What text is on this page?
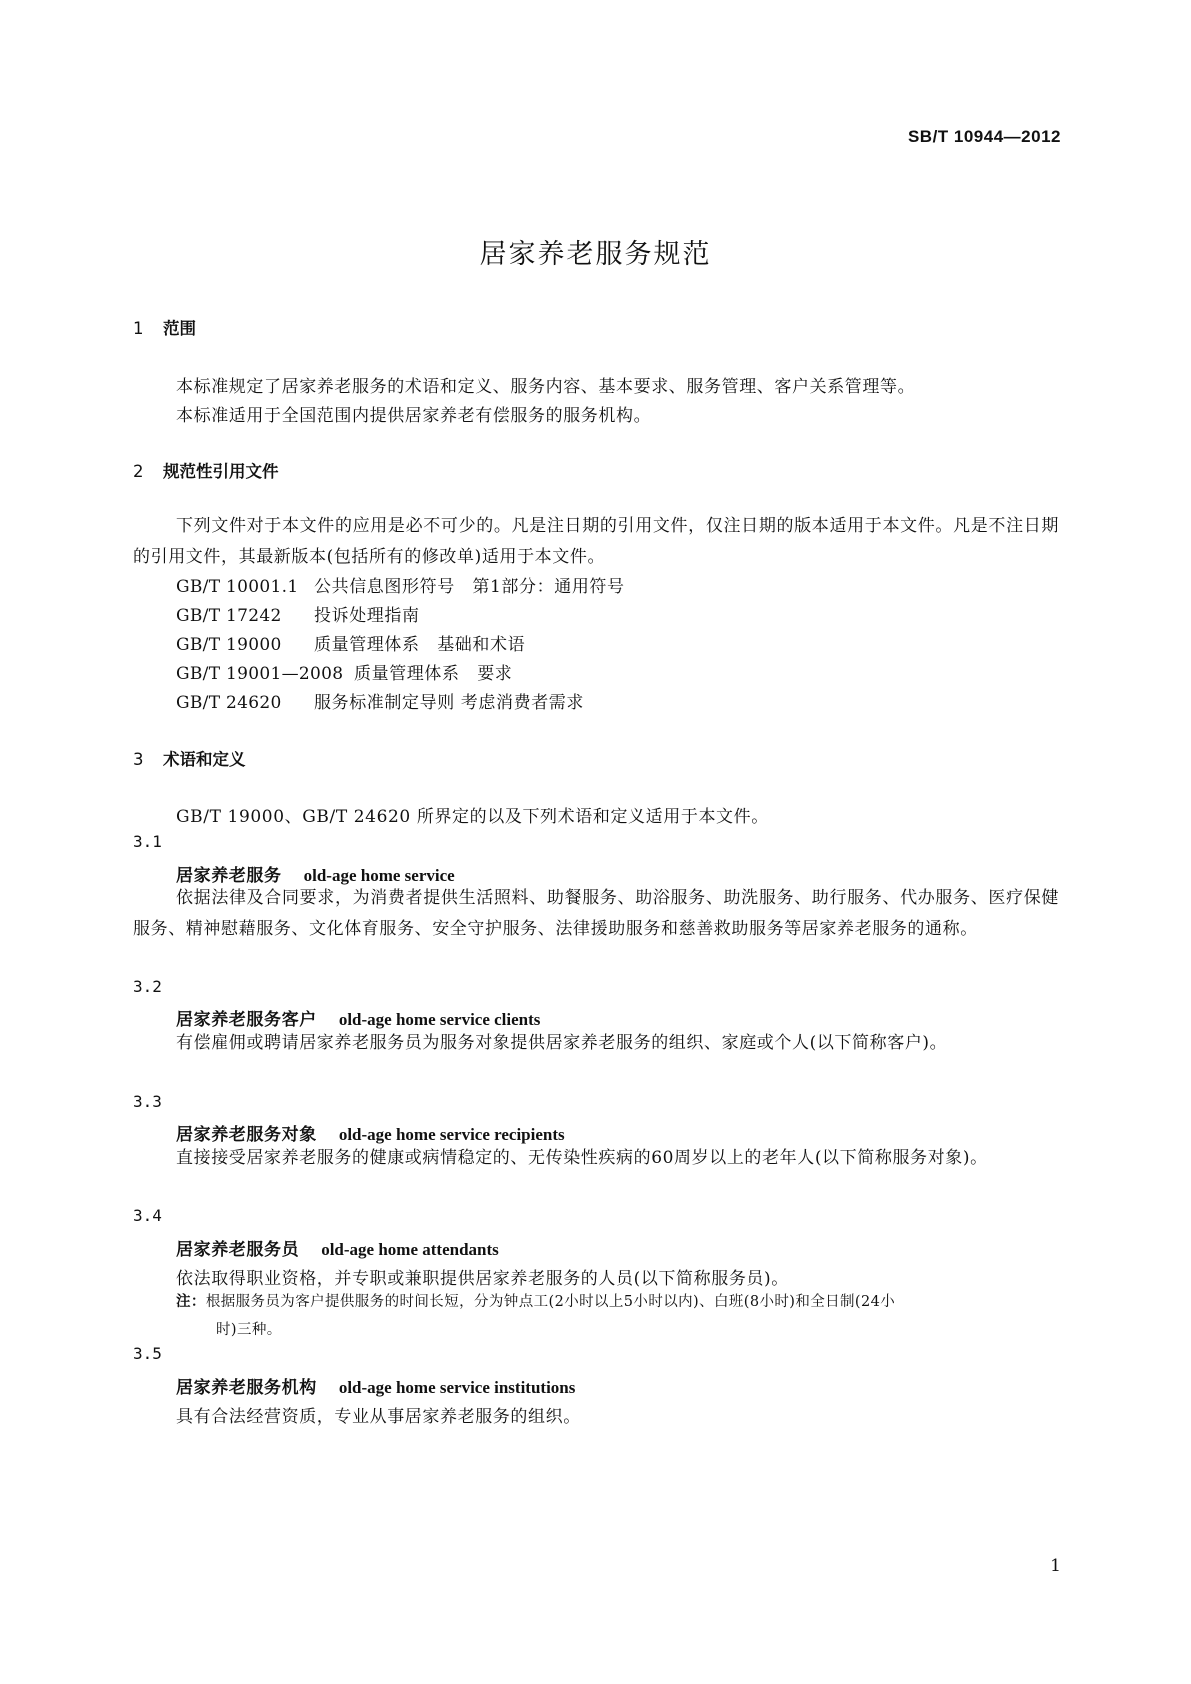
SB/T 10944—2012
居家养老服务规范
1 范围
本标准规定了居家养老服务的术语和定义、服务内容、基本要求、服务管理、客户关系管理等。
本标准适用于全国范围内提供居家养老有偿服务的服务机构。
2 规范性引用文件
下列文件对于本文件的应用是必不可少的。凡是注日期的引用文件，仅注日期的版本适用于本文件。凡是不注日期的引用文件，其最新版本(包括所有的修改单)适用于本文件。
GB/T 10001.1 公共信息图形符号　第1部分：通用符号
GB/T 17242 投诉处理指南
GB/T 19000 质量管理体系　基础和术语
GB/T 19001—2008 质量管理体系　要求
GB/T 24620 服务标准制定导则 考虑消费者需求
3 术语和定义
GB/T 19000、GB/T 24620 所界定的以及下列术语和定义适用于本文件。
3.1
居家养老服务 old-age home service
依据法律及合同要求，为消费者提供生活照料、助餐服务、助浴服务、助洗服务、助行服务、代办服务、医疗保健服务、精神慰藉服务、文化体育服务、安全守护服务、法律援助服务和慈善救助服务等居家养老服务的通称。
3.2
居家养老服务客户 old-age home service clients
有偿雇佣或聘请居家养老服务员为服务对象提供居家养老服务的组织、家庭或个人(以下简称客户)。
3.3
居家养老服务对象 old-age home service recipients
直接接受居家养老服务的健康或病情稳定的、无传染性疾病的60周岁以上的老年人(以下简称服务对象)。
3.4
居家养老服务员 old-age home attendants
依法取得职业资格，并专职或兼职提供居家养老服务的人员(以下简称服务员)。
注：根据服务员为客户提供服务的时间长短，分为钟点工(2小时以上5小时以内)、白班(8小时)和全日制(24小
时)三种。
3.5
居家养老服务机构 old-age home service institutions
具有合法经营资质，专业从事居家养老服务的组织。
1
